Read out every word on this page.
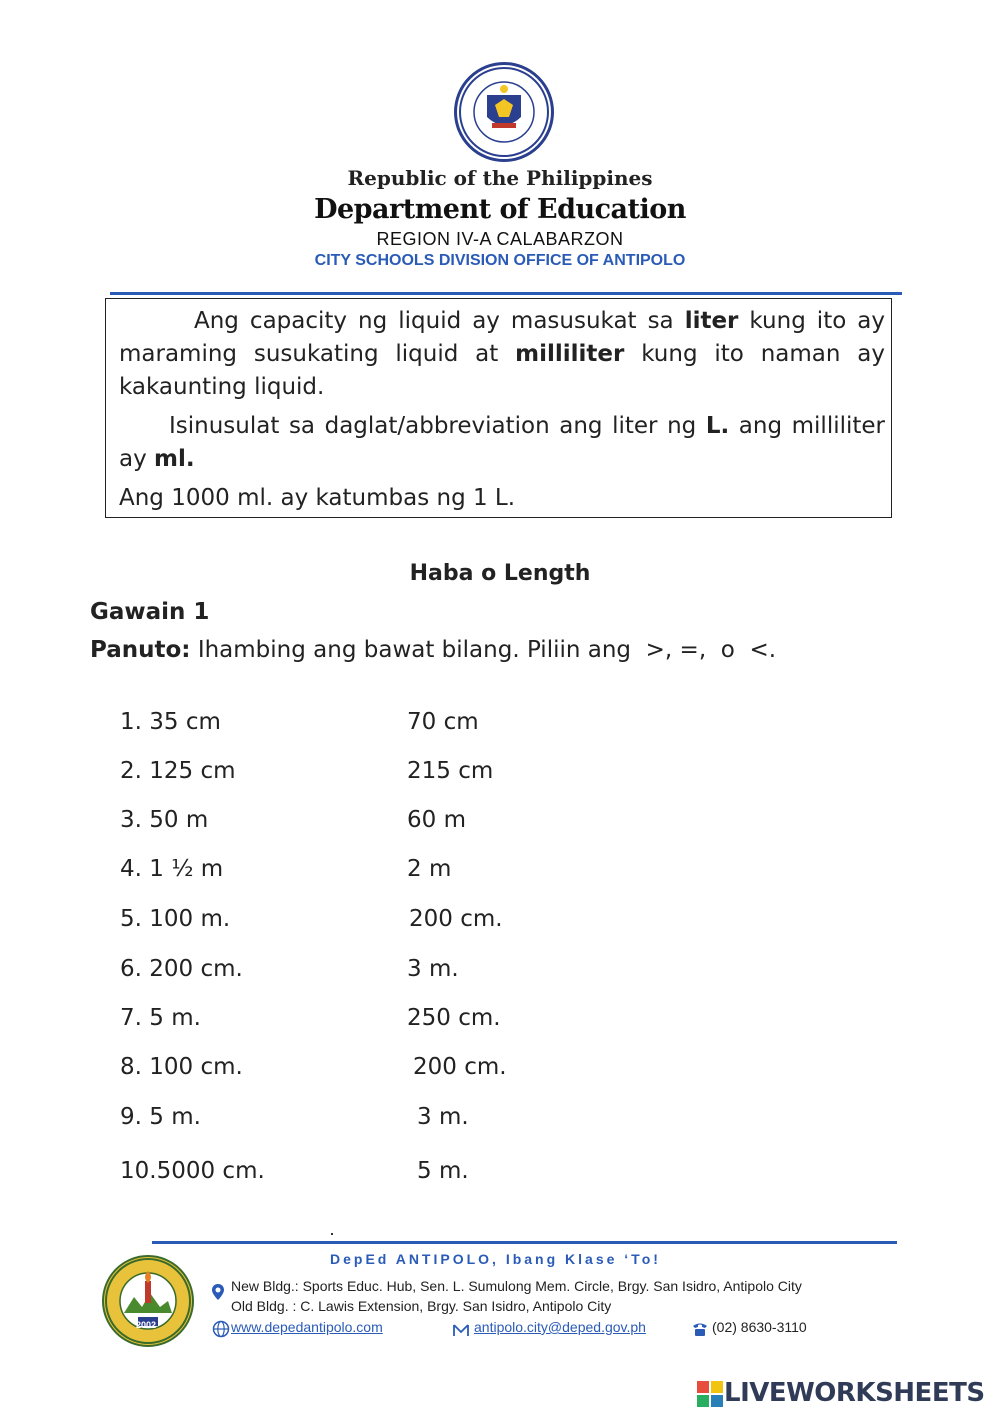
Republic of the Philippines
Department of Education
REGION IV-A CALABARZON
CITY SCHOOLS DIVISION OFFICE OF ANTIPOLO

Ang capacity ng liquid ay masusukat sa liter kung ito ay maraming susukating liquid at milliliter kung ito naman ay kakaunting liquid.

Isinusulat sa daglat/abbreviation ang liter ng L. ang milliliter ay ml.

Ang 1000 ml. ay katumbas ng 1 L.

Haba o Length
Gawain 1
Panuto: Ihambing ang bawat bilang. Piliin ang  >, =,  o  <.
1. 35 cm	70 cm
2. 125 cm	215 cm
3. 50 m	60 m
4. 1 ½ m	2 m
5. 100 m.	200 cm.
6. 200 cm.	3 m.
7. 5 m.	250 cm.
8. 100 cm.	200 cm.
9. 5 m.	3 m.
10.5000 cm.	5 m.
DepEd ANTIPOLO, Ibang Klase ‘To!
2002
New Bldg.: Sports Educ. Hub, Sen. L. Sumulong Mem. Circle, Brgy. San Isidro, Antipolo City
Old Bldg. : C. Lawis Extension, Brgy. San Isidro, Antipolo City
www.depedantipolo.com	antipolo.city@deped.gov.ph	(02) 8630-3110
LIVEWORKSHEETS
